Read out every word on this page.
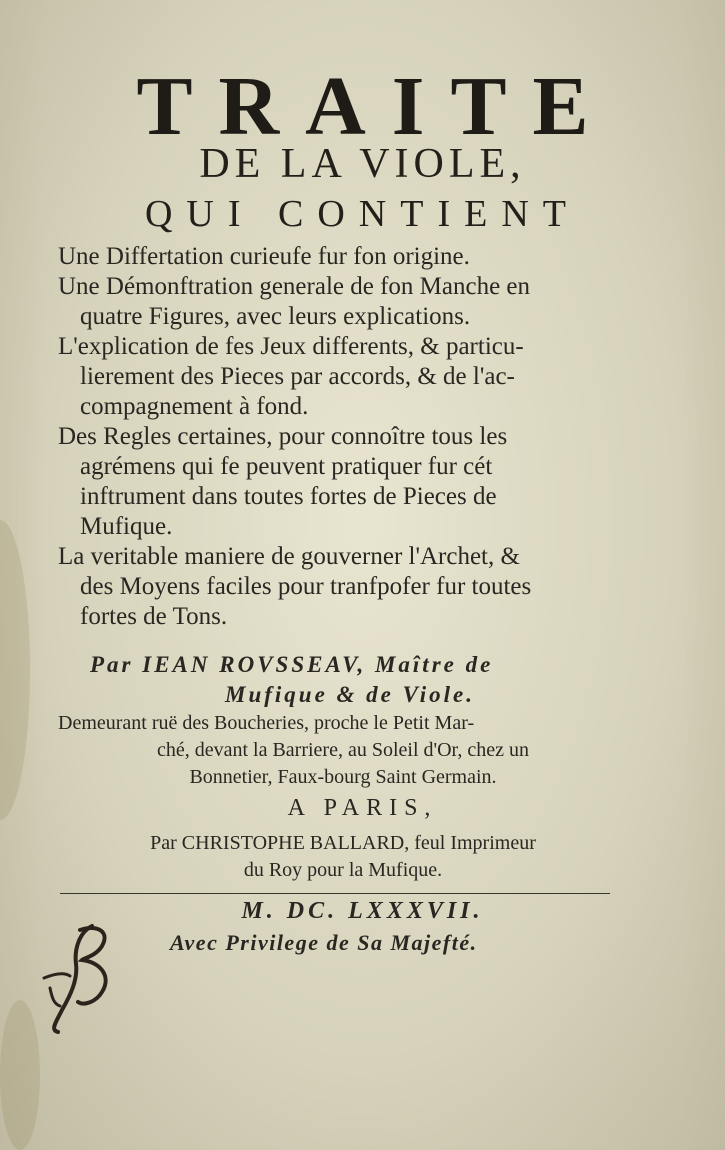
TRAITE
DE LA VIOLE,
QUI CONTIENT

Une Differtation curieufe fur fon origine.

Une Démonftration generale de fon Manche en
quatre Figures, avec leurs explications.

L'explication de fes Jeux differents, & particu-
lierement des Pieces par accords, & de l'ac-
compagnement à fond.

Des Regles certaines, pour connoître tous les
agrémens qui fe peuvent pratiquer fur cét
inftrument dans toutes fortes de Pieces de
Mufique.

La veritable maniere de gouverner l'Archet, &
des Moyens faciles pour tranfpofer fur toutes
fortes de Tons.

Par IEAN ROVSSEAV, Maître de
Mufique & de Viole.
Demeurant ruë des Boucheries, proche le Petit Mar-
ché, devant la Barriere, au Soleil d'Or, chez un
Bonnetier, Faux-bourg Saint Germain.
A PARIS,
Par CHRISTOPHE BALLARD, feul Imprimeur
du Roy pour la Mufique.
M. DC. LXXXVII.
Avec Privilege de Sa Majefté.
